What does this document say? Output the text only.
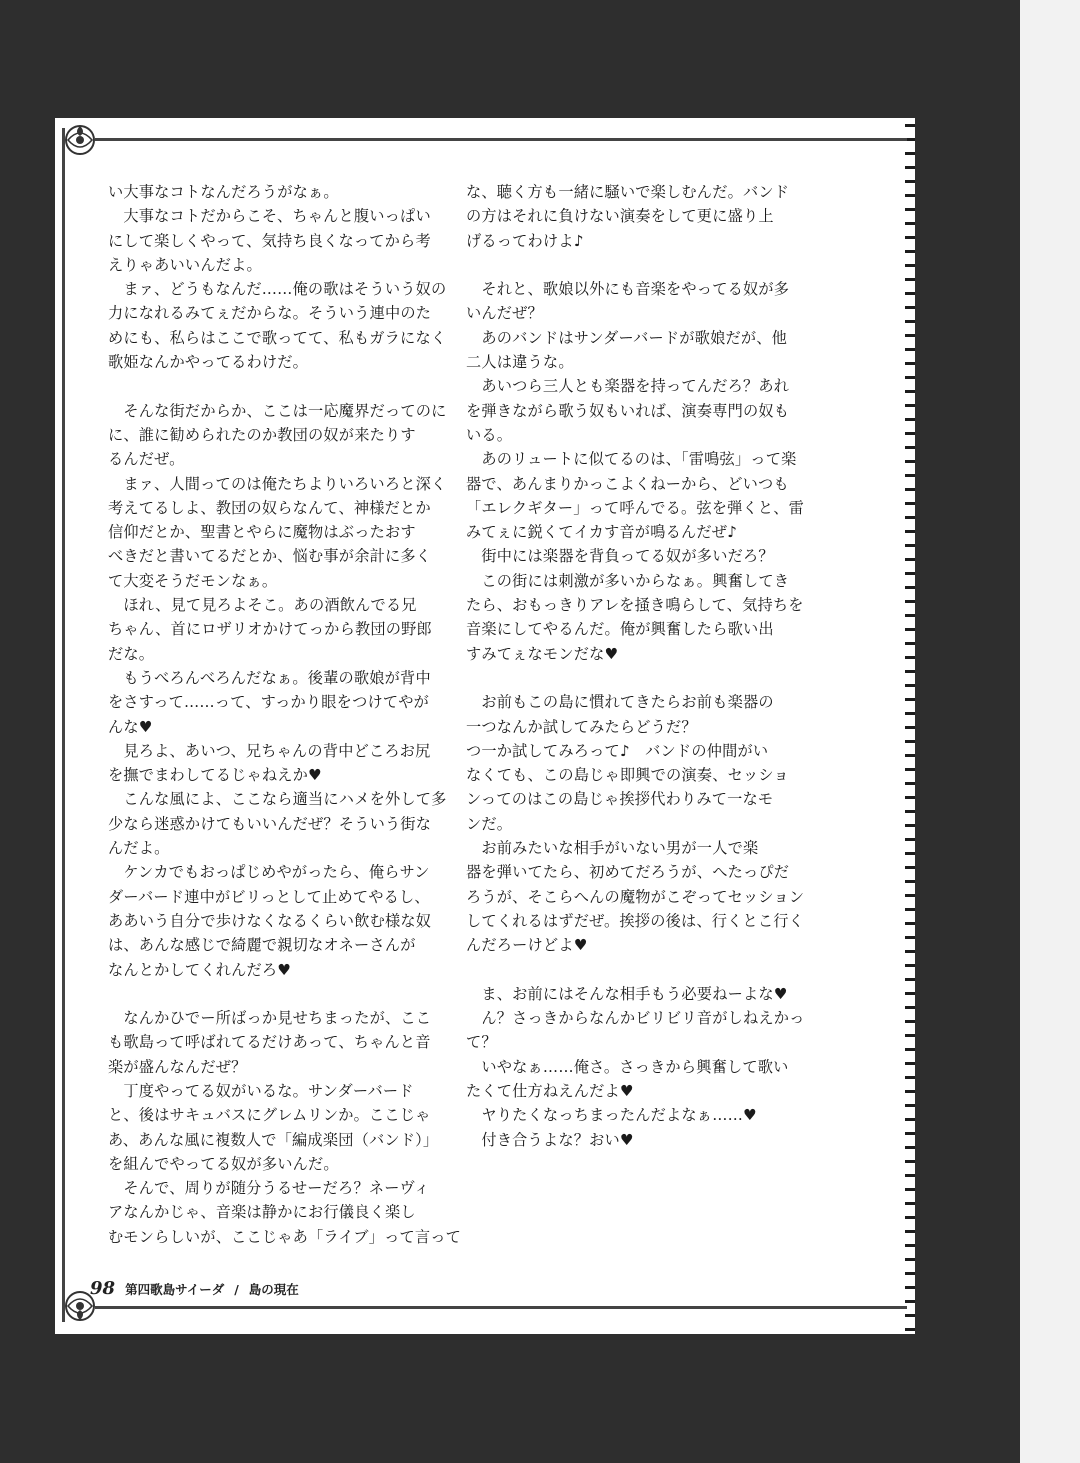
い大事なコトなんだろうがなぁ。
　大事なコトだからこそ、ちゃんと腹いっぱい
にして楽しくやって、気持ち良くなってから考
えりゃあいいんだよ。
　まァ、どうもなんだ……俺の歌はそういう奴の
力になれるみてぇだからな。そういう連中のた
めにも、私らはここで歌ってて、私もガラになく
歌姫なんかやってるわけだ。
　そんな街だからか、ここは一応魔界だってのに
に、誰に勧められたのか教団の奴が来たりす
るんだぜ。
　まァ、人間ってのは俺たちよりいろいろと深く
考えてるしよ、教団の奴らなんて、神様だとか
信仰だとか、聖書とやらに魔物はぶったおす
べきだと書いてるだとか、悩む事が余計に多く
て大変そうだモンなぁ。
　ほれ、見て見ろよそこ。あの酒飲んでる兄
ちゃん、首にロザリオかけてっから教団の野郎
だな。
　もうべろんべろんだなぁ。後輩の歌娘が背中
をさすって……って、すっかり眼をつけてやが
んな♥
　見ろよ、あいつ、兄ちゃんの背中どころお尻
を撫でまわしてるじゃねえか♥
　こんな風によ、ここなら適当にハメを外して多
少なら迷惑かけてもいいんだぜ？そういう街な
んだよ。
　ケンカでもおっぱじめやがったら、俺らサン
ダーバード連中がビリっとして止めてやるし、
ああいう自分で歩けなくなるくらい飲む様な奴
は、あんな感じで綺麗で親切なオネーさんが
なんとかしてくれんだろ♥
　なんかひでー所ばっか見せちまったが、ここ
も歌島って呼ばれてるだけあって、ちゃんと音
楽が盛んなんだぜ？
　丁度やってる奴がいるな。サンダーバード
と、後はサキュバスにグレムリンか。ここじゃ
あ、あんな風に複数人で「編成楽団（バンド）」
を組んでやってる奴が多いんだ。
　そんで、周りが随分うるせーだろ？ネーヴィ
アなんかじゃ、音楽は静かにお行儀良く楽し
むモンらしいが、ここじゃあ「ライブ」って言って
な、聴く方も一緒に騒いで楽しむんだ。バンド
の方はそれに負けない演奏をして更に盛り上
げるってわけよ♪
　それと、歌娘以外にも音楽をやってる奴が多
いんだぜ？
　あのバンドはサンダーバードが歌娘だが、他
二人は違うな。
　あいつら三人とも楽器を持ってんだろ？あれ
を弾きながら歌う奴もいれば、演奏専門の奴も
いる。
　あのリュートに似てるのは、「雷鳴弦」って楽
器で、あんまりかっこよくねーから、どいつも
「エレクギター」って呼んでる。弦を弾くと、雷
みてぇに鋭くてイカす音が鳴るんだぜ♪
　街中には楽器を背負ってる奴が多いだろ？
　この街には刺激が多いからなぁ。興奮してき
たら、おもっきりアレを掻き鳴らして、気持ちを
音楽にしてやるんだ。俺が興奮したら歌い出
すみてぇなモンだな♥
　お前もこの島に慣れてきたらお前も楽器の
一つなんか試してみたらどうだ？
つ一か試してみろって♪　バンドの仲間がい
なくても、この島じゃ即興での演奏、セッショ
ンってのはこの島じゃ挨拶代わりみて一なモ
ンだ。
　お前みたいな相手がいない男が一人で楽
器を弾いてたら、初めてだろうが、へたっぴだ
ろうが、そこらへんの魔物がこぞってセッション
してくれるはずだぜ。挨拶の後は、行くとこ行く
んだろーけどよ♥
　ま、お前にはそんな相手もう必要ねーよな♥
　ん？さっきからなんかビリビリ音がしねえかっ
て？
　いやなぁ……俺さ。さっきから興奮して歌い
たくて仕方ねえんだよ♥
　ヤりたくなっちまったんだよなぁ……♥
　付き合うよな？おい♥
98 第四歌島サイーダ / 島の現在
